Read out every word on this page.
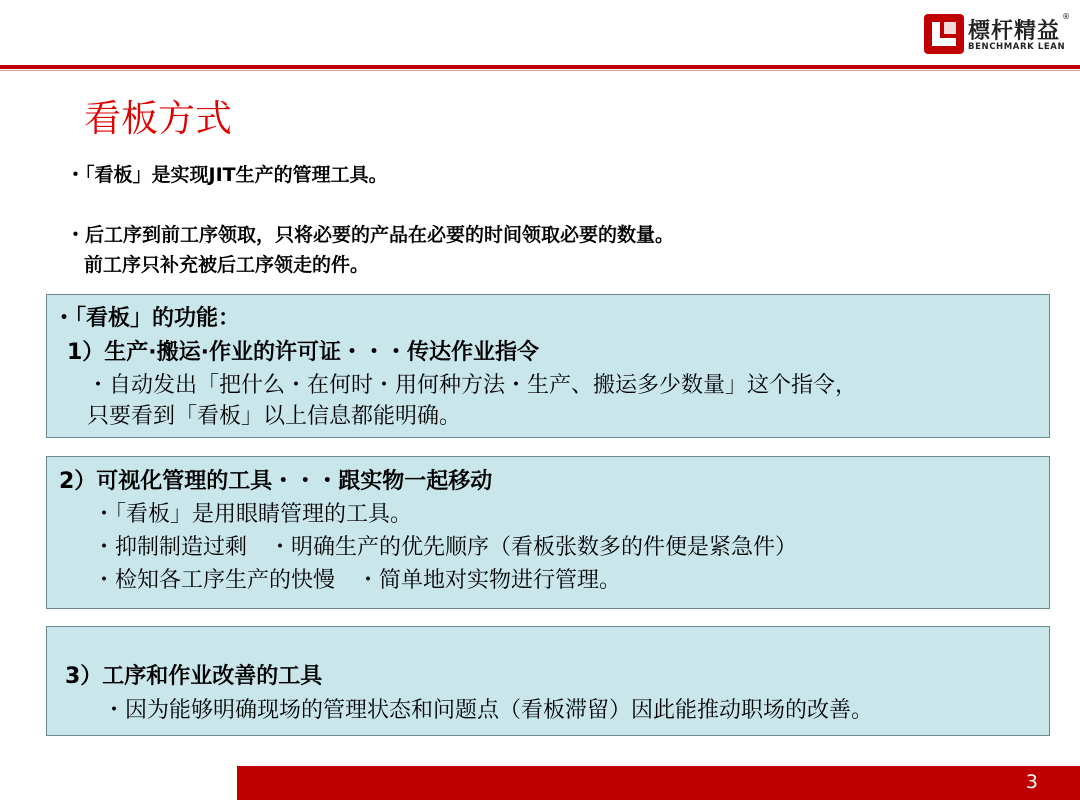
標杆精益
BENCHMARK LEAN
®
看板方式
・「看板」是实现JIT生产的管理工具。
・后工序到前工序领取，只将必要的产品在必要的时间领取必要的数量。
前工序只补充被后工序领走的件。
・「看板」的功能：
1）生产·搬运·作业的许可证・・・传达作业指令
・自动发出「把什么・在何时・用何种方法・生产、搬运多少数量」这个指令，
只要看到「看板」以上信息都能明确。
2）可视化管理的工具・・・跟实物一起移动
・「看板」是用眼睛管理的工具。
・抑制制造过剩　・明确生产的优先顺序（看板张数多的件便是紧急件）
・检知各工序生产的快慢　・简单地对实物进行管理。
3）工序和作业改善的工具
・因为能够明确现场的管理状态和问题点（看板滞留）因此能推动职场的改善。
3
